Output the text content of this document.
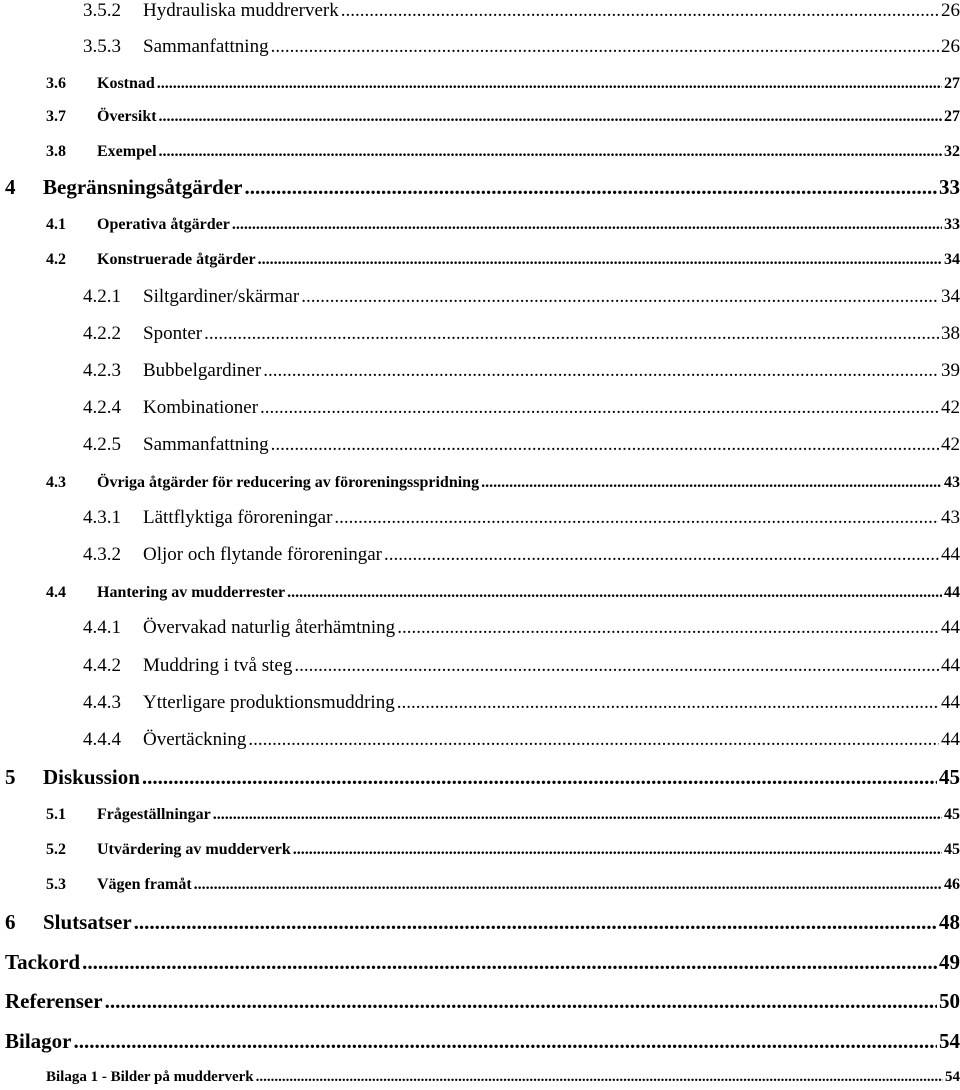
3.5.2	Hydrauliska muddrerverk .....	26
3.5.3	Sammanfattning .....	26
3.6	Kostnad .....	27
3.7	Översikt .....	27
3.8	Exempel .....	32
4	Begränsningsåtgärder .....	33
4.1	Operativa åtgärder .....	33
4.2	Konstruerade åtgärder .....	34
4.2.1	Siltgardiner/skärmar .....	34
4.2.2	Sponter .....	38
4.2.3	Bubbelgardiner .....	39
4.2.4	Kombinationer .....	42
4.2.5	Sammanfattning .....	42
4.3	Övriga åtgärder för reducering av föroreningsspridning .....	43
4.3.1	Lättflyktiga föroreningar .....	43
4.3.2	Oljor och flytande föroreningar .....	44
4.4	Hantering av mudderrester .....	44
4.4.1	Övervakad naturlig återhämtning .....	44
4.4.2	Muddring i två steg .....	44
4.4.3	Ytterligare produktionsmuddring .....	44
4.4.4	Övertäckning .....	44
5	Diskussion .....	45
5.1	Frågeställningar .....	45
5.2	Utvärdering av mudderverk .....	45
5.3	Vägen framåt .....	46
6	Slutsatser .....	48
Tackord .....	49
Referenser .....	50
Bilagor .....	54
Bilaga 1 - Bilder på mudderverk .....	54
